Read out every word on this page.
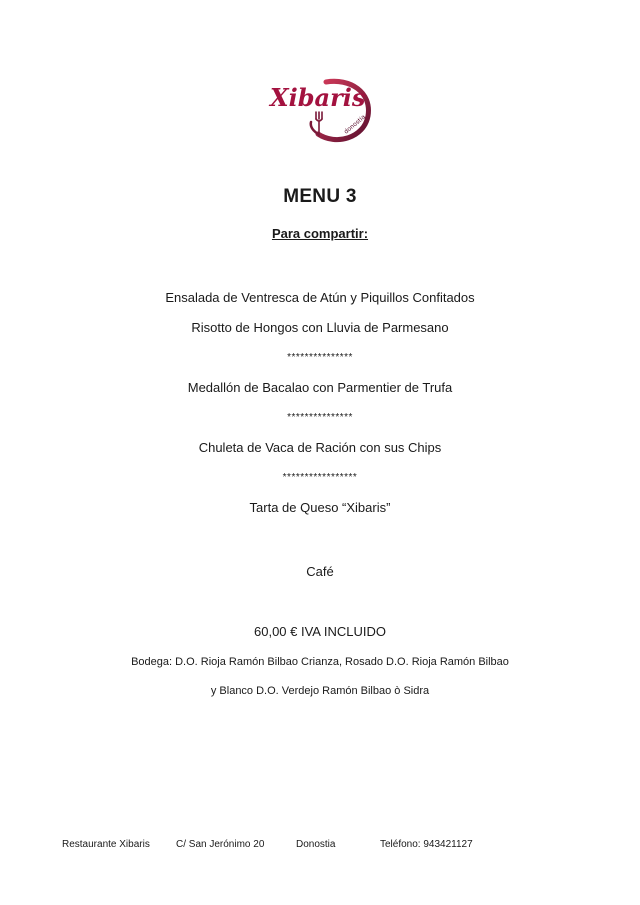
Xibaris
donostia
MENU 3
Para compartir:
Ensalada de Ventresca de Atún y Piquillos Confitados
Risotto de Hongos con Lluvia de Parmesano
***************
Medallón de Bacalao con Parmentier de Trufa
***************
Chuleta de Vaca de Ración con sus Chips
*****************
Tarta de Queso “Xibaris”
Café
60,00 € IVA INCLUIDO
Bodega: D.O. Rioja Ramón Bilbao Crianza, Rosado D.O. Rioja Ramón Bilbao
y Blanco D.O. Verdejo Ramón Bilbao ò Sidra
Restaurante Xibaris	C/ San Jerónimo 20	Donostia	Teléfono: 943421127
